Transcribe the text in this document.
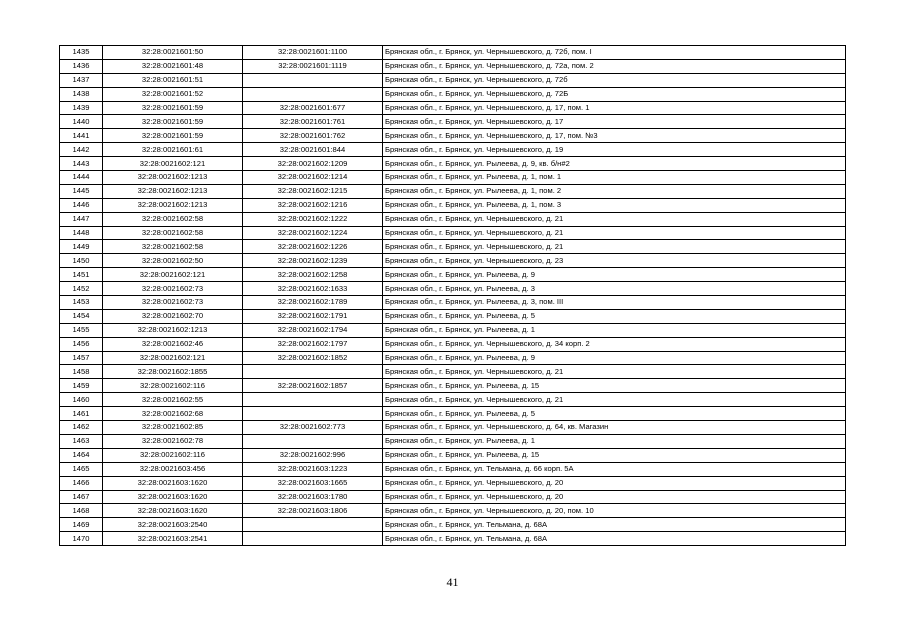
1435	32:28:0021601:50	32:28:0021601:1100	Брянская обл., г. Брянск, ул. Чернышевского, д. 72б, пом. I
1436	32:28:0021601:48	32:28:0021601:1119	Брянская обл., г. Брянск, ул. Чернышевского, д. 72а, пом. 2
1437	32:28:0021601:51		Брянская обл., г. Брянск, ул. Чернышевского, д. 72б
1438	32:28:0021601:52		Брянская обл., г. Брянск, ул. Чернышевского, д. 72Б
1439	32:28:0021601:59	32:28:0021601:677	Брянская обл., г. Брянск, ул. Чернышевского, д. 17, пом. 1
1440	32:28:0021601:59	32:28:0021601:761	Брянская обл., г. Брянск, ул. Чернышевского, д. 17
1441	32:28:0021601:59	32:28:0021601:762	Брянская обл., г. Брянск, ул. Чернышевского, д. 17, пом. №3
1442	32:28:0021601:61	32:28:0021601:844	Брянская обл., г. Брянск, ул. Чернышевского, д. 19
1443	32:28:0021602:121	32:28:0021602:1209	Брянская обл., г. Брянск, ул. Рылеева, д. 9, кв. б/н#2
1444	32:28:0021602:1213	32:28:0021602:1214	Брянская обл., г. Брянск, ул. Рылеева, д. 1, пом. 1
1445	32:28:0021602:1213	32:28:0021602:1215	Брянская обл., г. Брянск, ул. Рылеева, д. 1, пом. 2
1446	32:28:0021602:1213	32:28:0021602:1216	Брянская обл., г. Брянск, ул. Рылеева, д. 1, пом. 3
1447	32:28:0021602:58	32:28:0021602:1222	Брянская обл., г. Брянск, ул. Чернышевского, д. 21
1448	32:28:0021602:58	32:28:0021602:1224	Брянская обл., г. Брянск, ул. Чернышевского, д. 21
1449	32:28:0021602:58	32:28:0021602:1226	Брянская обл., г. Брянск, ул. Чернышевского, д. 21
1450	32:28:0021602:50	32:28:0021602:1239	Брянская обл., г. Брянск, ул. Чернышевского, д. 23
1451	32:28:0021602:121	32:28:0021602:1258	Брянская обл., г. Брянск, ул. Рылеева, д. 9
1452	32:28:0021602:73	32:28:0021602:1633	Брянская обл., г. Брянск, ул. Рылеева, д. 3
1453	32:28:0021602:73	32:28:0021602:1789	Брянская обл., г. Брянск, ул. Рылеева, д. 3, пом. III
1454	32:28:0021602:70	32:28:0021602:1791	Брянская обл., г. Брянск, ул. Рылеева, д. 5
1455	32:28:0021602:1213	32:28:0021602:1794	Брянская обл., г. Брянск, ул. Рылеева, д. 1
1456	32:28:0021602:46	32:28:0021602:1797	Брянская обл., г. Брянск, ул. Чернышевского, д. 34 корп. 2
1457	32:28:0021602:121	32:28:0021602:1852	Брянская обл., г. Брянск, ул. Рылеева, д. 9
1458	32:28:0021602:1855		Брянская обл., г. Брянск, ул. Чернышевского, д. 21
1459	32:28:0021602:116	32:28:0021602:1857	Брянская обл., г. Брянск, ул. Рылеева, д. 15
1460	32:28:0021602:55		Брянская обл., г. Брянск, ул. Чернышевского, д. 21
1461	32:28:0021602:68		Брянская обл., г. Брянск, ул. Рылеева, д. 5
1462	32:28:0021602:85	32:28:0021602:773	Брянская обл., г. Брянск, ул. Чернышевского, д. 64, кв. Магазин
1463	32:28:0021602:78		Брянская обл., г. Брянск, ул. Рылеева, д. 1
1464	32:28:0021602:116	32:28:0021602:996	Брянская обл., г. Брянск, ул. Рылеева, д. 15
1465	32:28:0021603:456	32:28:0021603:1223	Брянская обл., г. Брянск, ул. Тельмана, д. 66 корп. 5А
1466	32:28:0021603:1620	32:28:0021603:1665	Брянская обл., г. Брянск, ул. Чернышевского, д. 20
1467	32:28:0021603:1620	32:28:0021603:1780	Брянская обл., г. Брянск, ул. Чернышевского, д. 20
1468	32:28:0021603:1620	32:28:0021603:1806	Брянская обл., г. Брянск, ул. Чернышевского, д. 20, пом. 10
1469	32:28:0021603:2540		Брянская обл., г. Брянск, ул. Тельмана, д. 68А
1470	32:28:0021603:2541		Брянская обл., г. Брянск, ул. Тельмана, д. 68А
41
